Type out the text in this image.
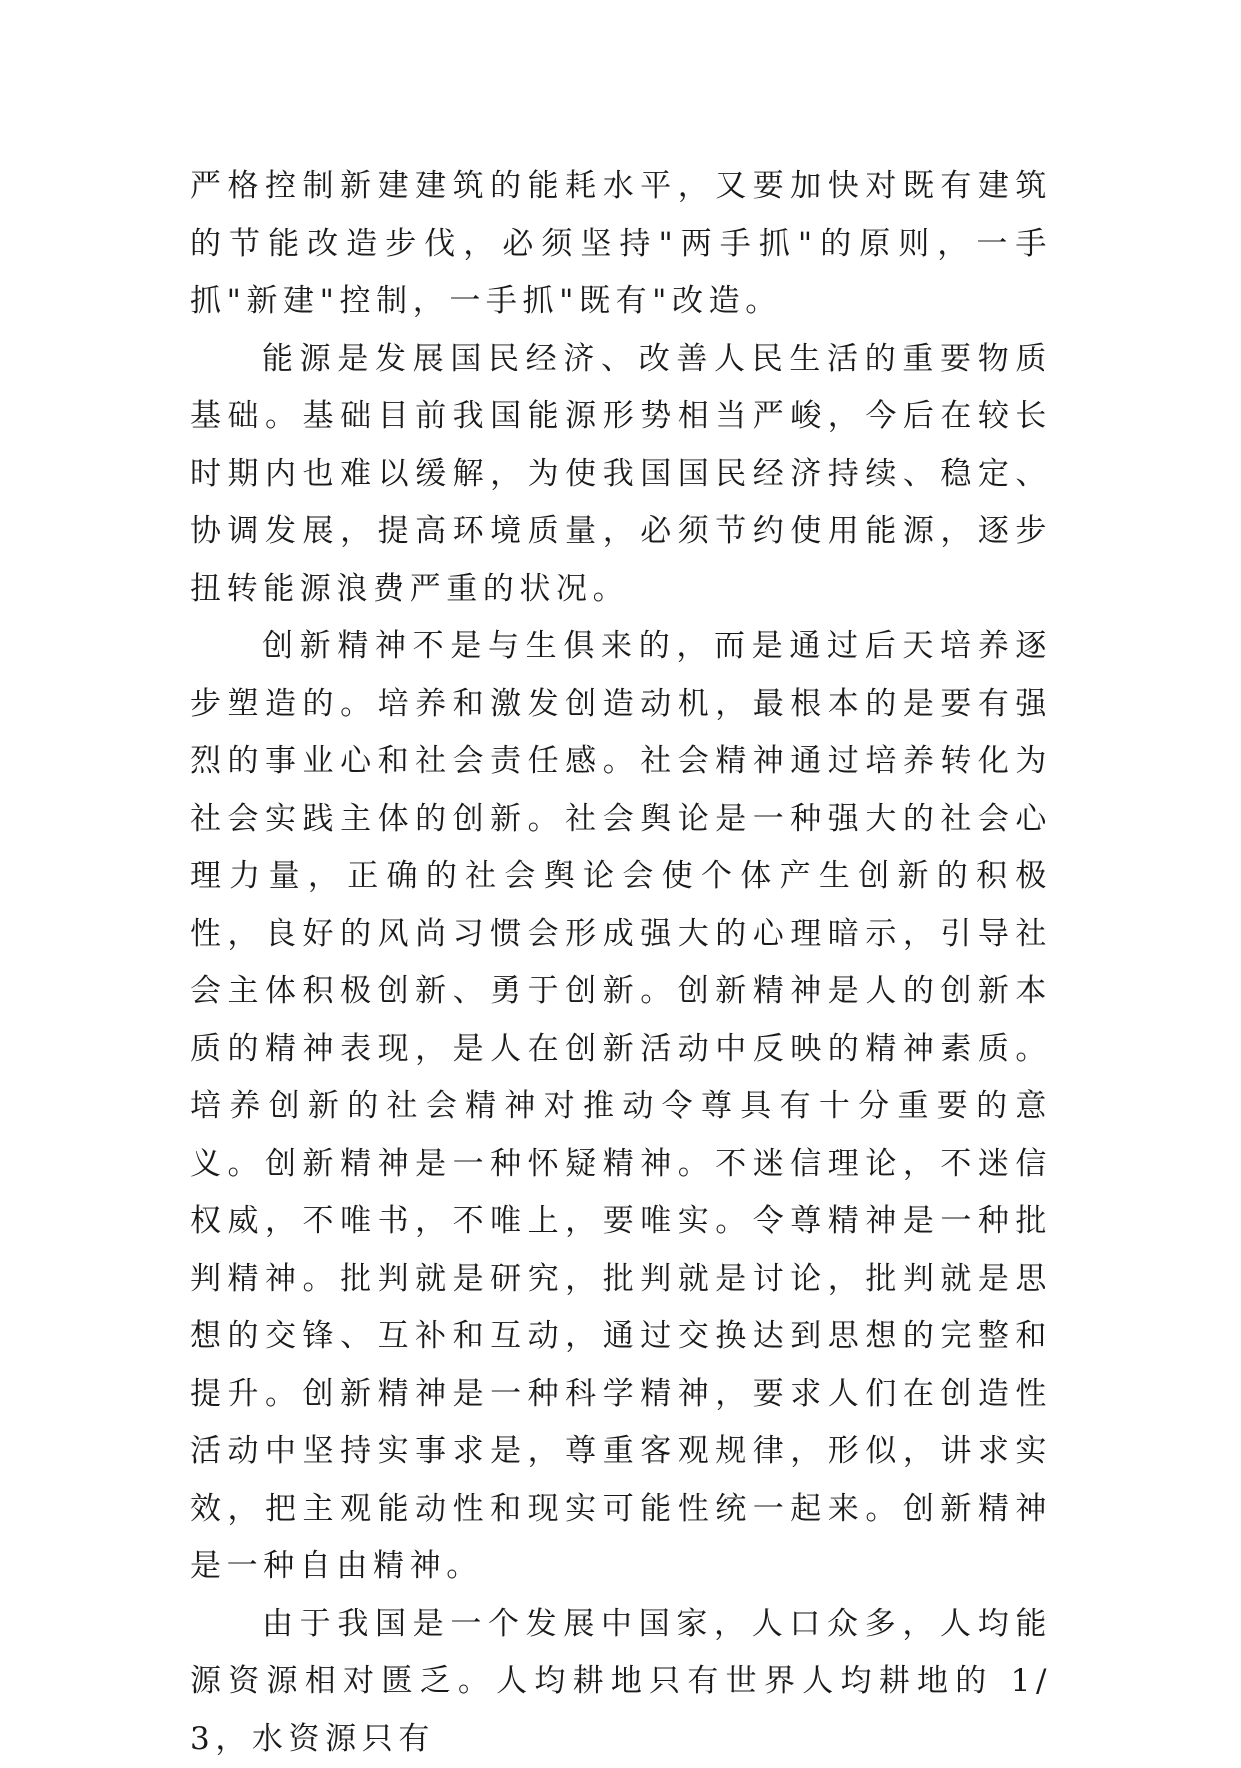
严格控制新建建筑的能耗水平，又要加快对既有建筑的节能改造步伐，必须坚持"两手抓"的原则，一手抓"新建"控制，一手抓"既有"改造。

能源是发展国民经济、改善人民生活的重要物质基础。基础目前我国能源形势相当严峻，今后在较长时期内也难以缓解，为使我国国民经济持续、稳定、协调发展，提高环境质量，必须节约使用能源，逐步扭转能源浪费严重的状况。

创新精神不是与生俱来的，而是通过后天培养逐步塑造的。培养和激发创造动机，最根本的是要有强烈的事业心和社会责任感。社会精神通过培养转化为社会实践主体的创新。社会舆论是一种强大的社会心理力量，正确的社会舆论会使个体产生创新的积极性，良好的风尚习惯会形成强大的心理暗示，引导社会主体积极创新、勇于创新。创新精神是人的创新本质的精神表现，是人在创新活动中反映的精神素质。培养创新的社会精神对推动令尊具有十分重要的意义。创新精神是一种怀疑精神。不迷信理论，不迷信权威，不唯书，不唯上，要唯实。令尊精神是一种批判精神。批判就是研究，批判就是讨论，批判就是思想的交锋、互补和互动，通过交换达到思想的完整和提升。创新精神是一种科学精神，要求人们在创造性活动中坚持实事求是，尊重客观规律，形似，讲求实效，把主观能动性和现实可能性统一起来。创新精神是一种自由精神。

由于我国是一个发展中国家，人口众多，人均能源资源相对匮乏。人均耕地只有世界人均耕地的 1/3，水资源只有
